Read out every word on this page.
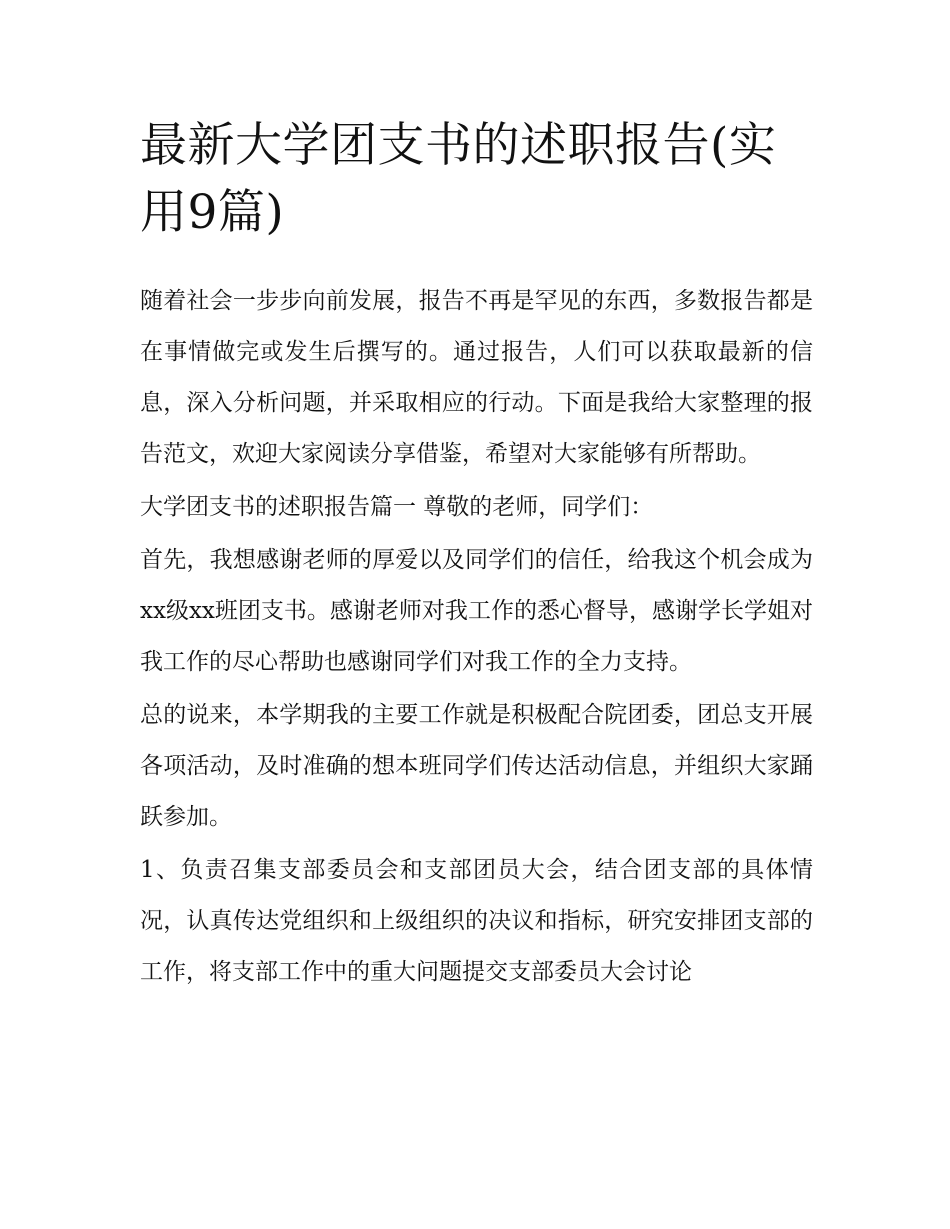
最新大学团支书的述职报告(实用9篇)

随着社会一步步向前发展，报告不再是罕见的东西，多数报告都是在事情做完或发生后撰写的。通过报告，人们可以获取最新的信息，深入分析问题，并采取相应的行动。下面是我给大家整理的报告范文，欢迎大家阅读分享借鉴，希望对大家能够有所帮助。

大学团支书的述职报告篇一 尊敬的老师，同学们：

首先，我想感谢老师的厚爱以及同学们的信任，给我这个机会成为xx级xx班团支书。感谢老师对我工作的悉心督导，感谢学长学姐对我工作的尽心帮助也感谢同学们对我工作的全力支持。

总的说来，本学期我的主要工作就是积极配合院团委，团总支开展各项活动，及时准确的想本班同学们传达活动信息，并组织大家踊跃参加。

1、负责召集支部委员会和支部团员大会，结合团支部的具体情况，认真传达党组织和上级组织的决议和指标，研究安排团支部的工作，将支部工作中的重大问题提交支部委员大会讨论
